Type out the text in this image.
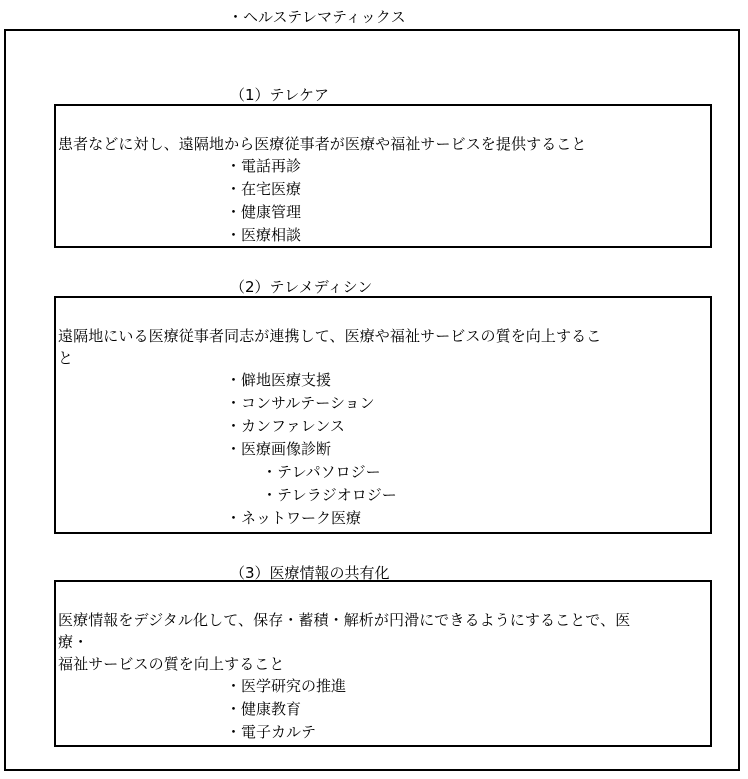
・ヘルステレマティックス
（1）テレケア
患者などに対し、遠隔地から医療従事者が医療や福祉サービスを提供すること
・電話再診
・在宅医療
・健康管理
・医療相談
（2）テレメディシン
遠隔地にいる医療従事者同志が連携して、医療や福祉サービスの質を向上するこ
と
・僻地医療支援
・コンサルテーション
・カンファレンス
・医療画像診断
・テレパソロジー
・テレラジオロジー
・ネットワーク医療
（3）医療情報の共有化
医療情報をデジタル化して、保存・蓄積・解析が円滑にできるようにすることで、医
療・
福祉サービスの質を向上すること
・医学研究の推進
・健康教育
・電子カルテ
